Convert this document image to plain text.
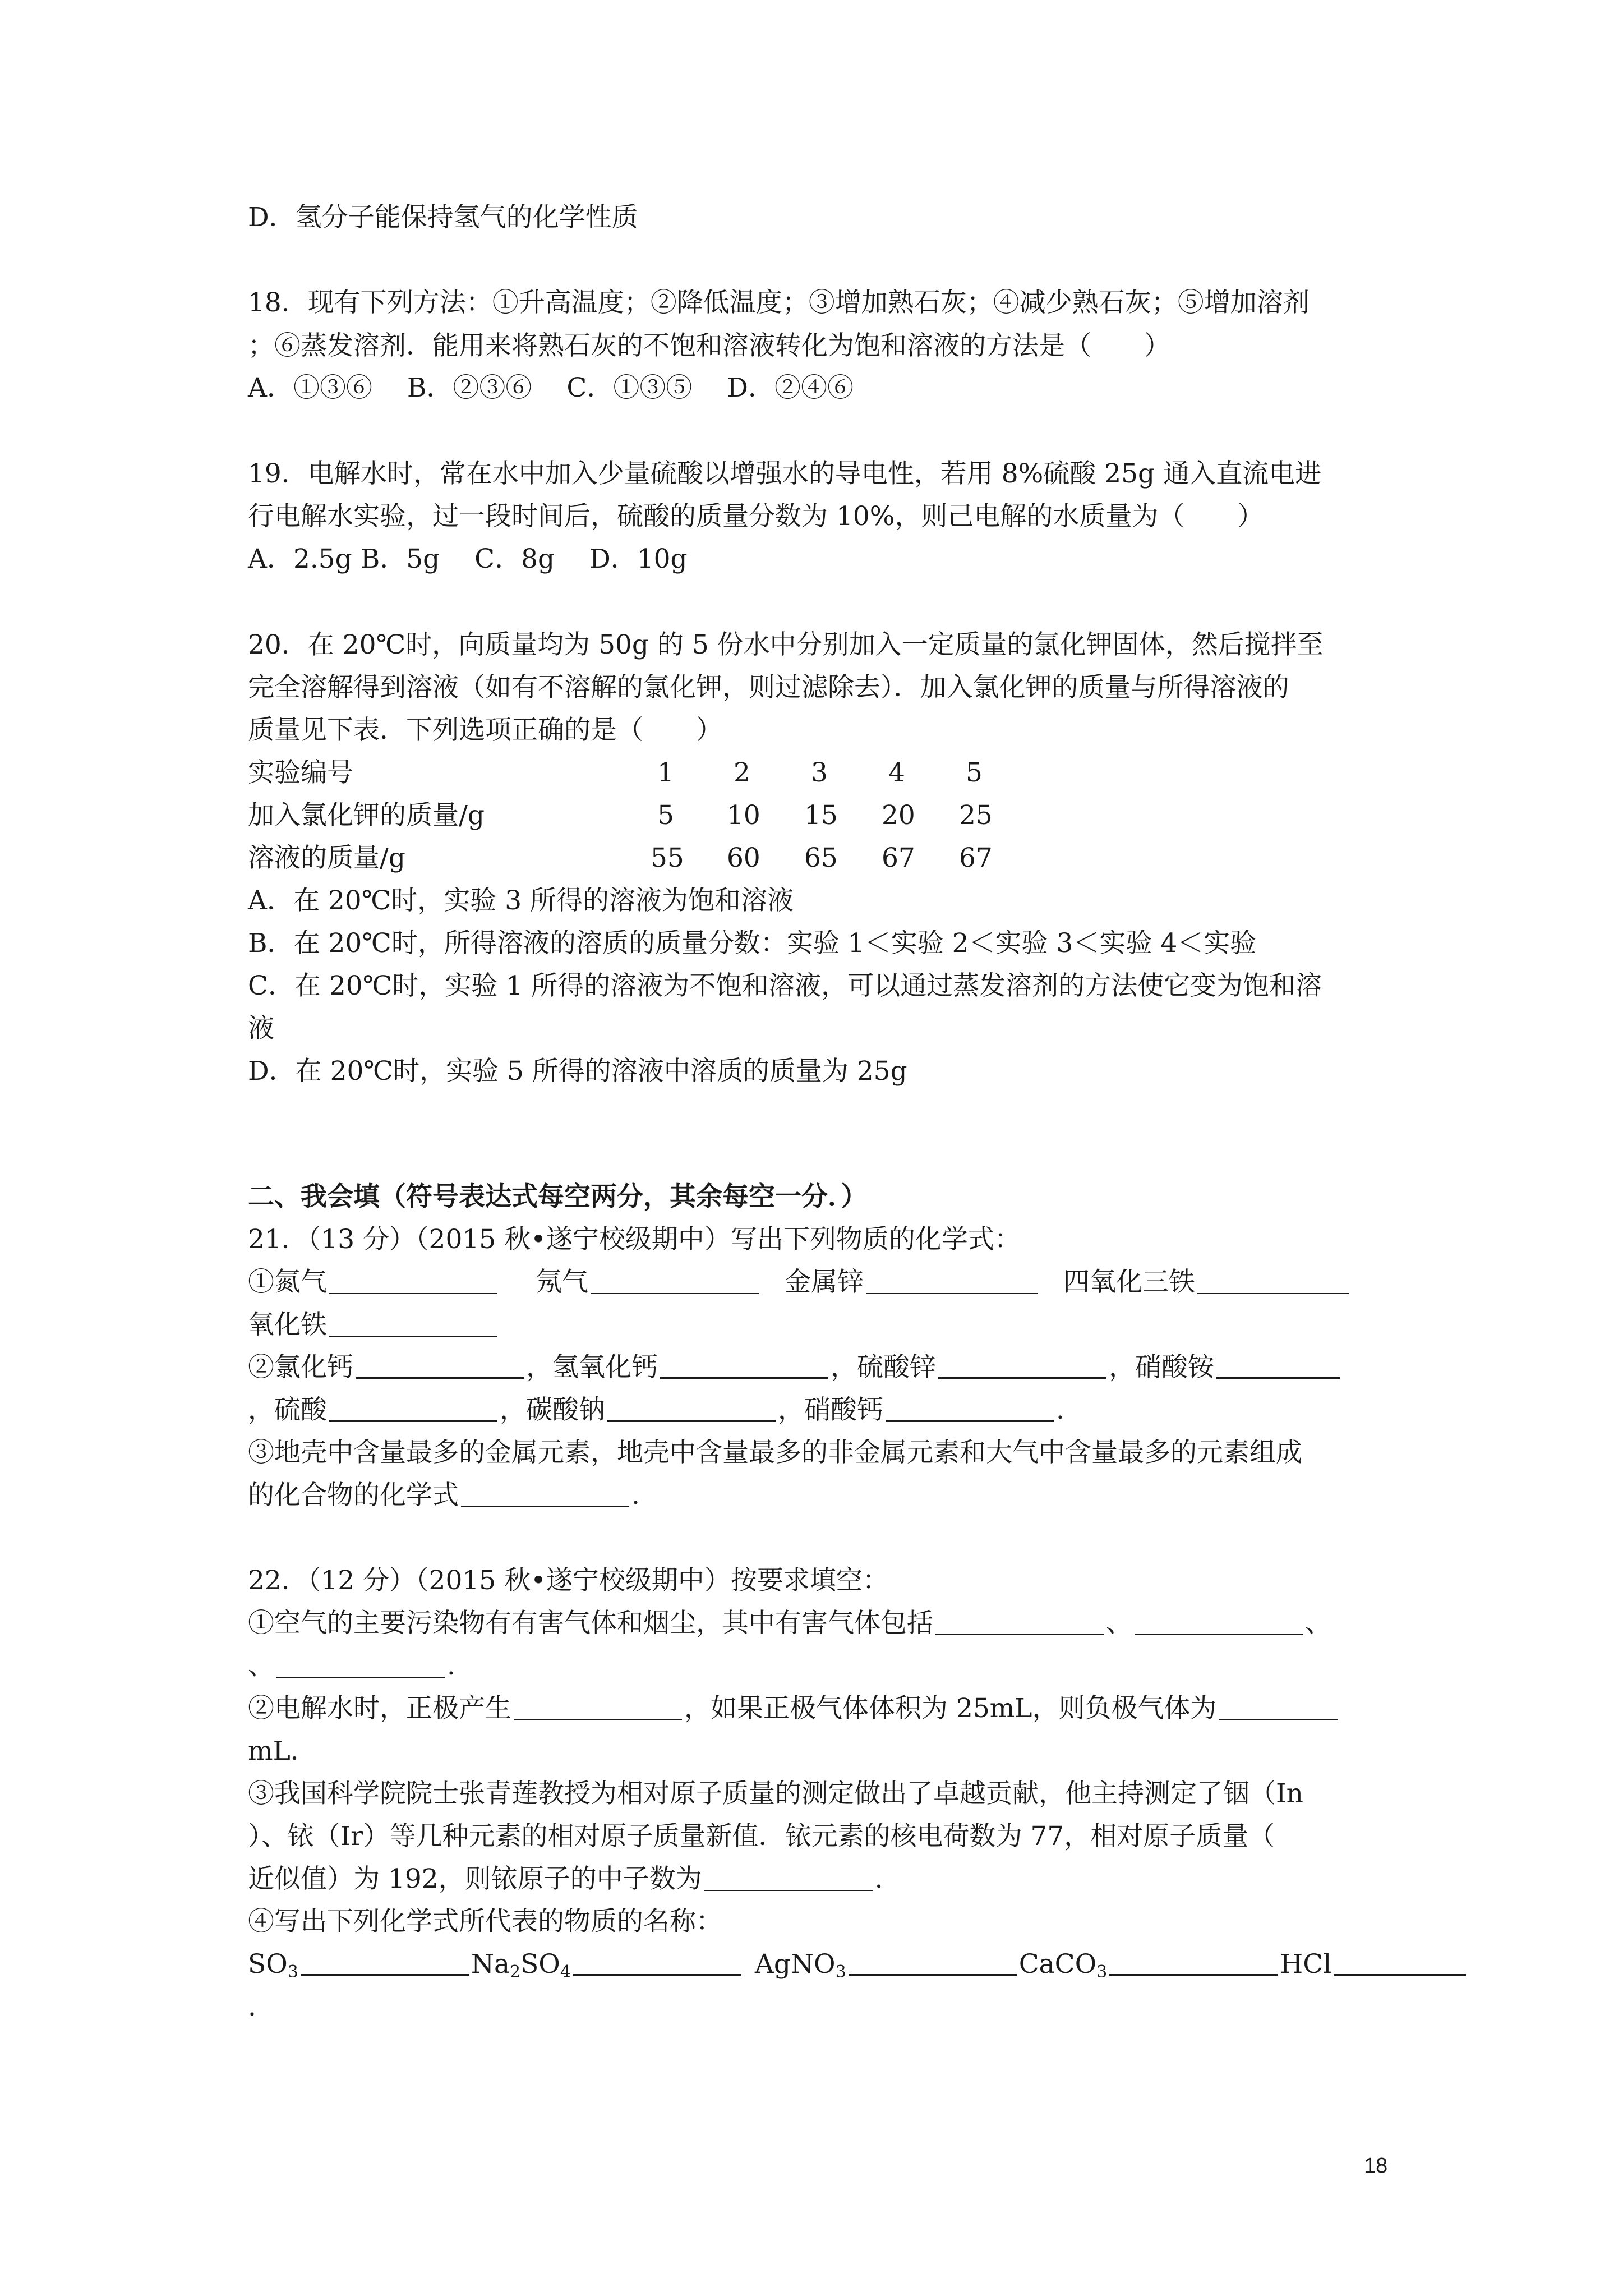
D．氢分子能保持氢气的化学性质
18．现有下列方法：①升高温度；②降低温度；③增加熟石灰；④减少熟石灰；⑤增加溶剂
；⑥蒸发溶剂．能用来将熟石灰的不饱和溶液转化为饱和溶液的方法是（　　）
A．①③⑥　 B．②③⑥　 C．①③⑤　 D．②④⑥
19．电解水时，常在水中加入少量硫酸以增强水的导电性，若用 8%硫酸 25g 通入直流电进
行电解水实验，过一段时间后，硫酸的质量分数为 10%，则己电解的水质量为（　　）
A．2.5g B．5g　 C．8g　 D．10g
20．在 20℃时，向质量均为 50g 的 5 份水中分别加入一定质量的氯化钾固体，然后搅拌至
完全溶解得到溶液（如有不溶解的氯化钾，则过滤除去）．加入氯化钾的质量与所得溶液的
质量见下表．下列选项正确的是（　　）
实验编号	1 2 3 4 5
加入氯化钾的质量/g	5 10 15 20 25
溶液的质量/g	55 60 65 67 67
A．在 20℃时，实验 3 所得的溶液为饱和溶液
B．在 20℃时，所得溶液的溶质的质量分数：实验 1＜实验 2＜实验 3＜实验 4＜实验
C．在 20℃时，实验 1 所得的溶液为不饱和溶液，可以通过蒸发溶剂的方法使它变为饱和溶
液
D．在 20℃时，实验 5 所得的溶液中溶质的质量为 25g
二、我会填（符号表达式每空两分，其余每空一分．）
21．（13 分）（2015 秋•遂宁校级期中）写出下列物质的化学式：
①氮气	氖气	金属锌	四氧化三铁
氧化铁
②氯化钙	，氢氧化钙	，硫酸锌	，硝酸铵
，硫酸	，碳酸钠	，硝酸钙	.
③地壳中含量最多的金属元素，地壳中含量最多的非金属元素和大气中含量最多的元素组成
的化合物的化学式	.
22．（12 分）（2015 秋•遂宁校级期中）按要求填空：
①空气的主要污染物有有害气体和烟尘，其中有害气体包括	、	、
、	.
②电解水时，正极产生	，如果正极气体体积为 25mL，则负极气体为
mL．
③我国科学院院士张青莲教授为相对原子质量的测定做出了卓越贡献，他主持测定了铟（In
）、铱（Ir）等几种元素的相对原子质量新值．铱元素的核电荷数为 77，相对原子质量（
近似值）为 192，则铱原子的中子数为	.
④写出下列化学式所代表的物质的名称：
$SO_3$	$Na_2SO_4$	AgNO$_3$	CaCO$_3$	HCl
.
18
